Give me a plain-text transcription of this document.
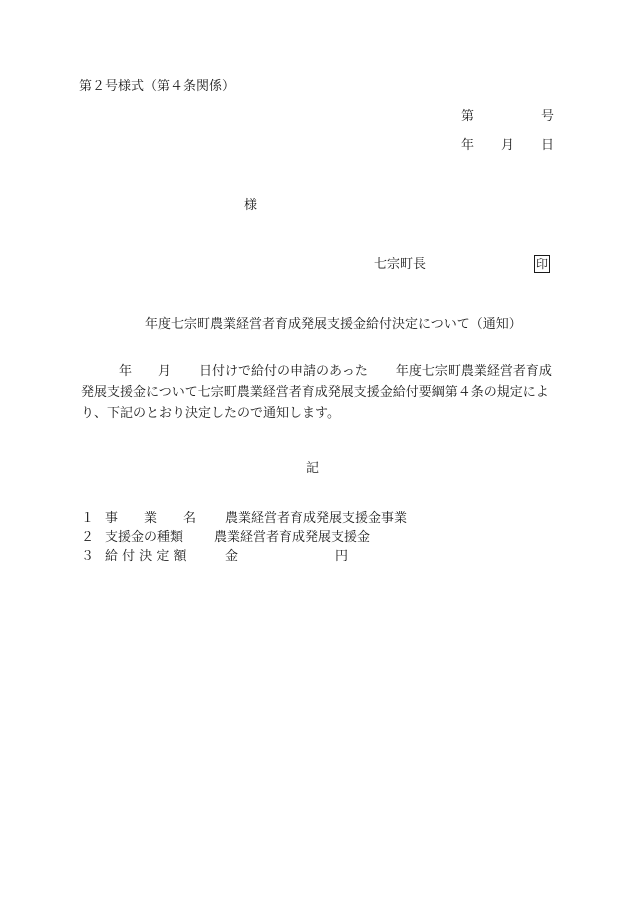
第２号様式（第４条関係）
第	号
年 月 日
様
七宗町長	印
年度七宗町農業経営者育成発展支援金給付決定について（通知）
年 月 日付けで給付の申請のあった 年度七宗町農業経営者育成
発展支援金について七宗町農業経営者育成発展支援金給付要綱第４条の規定によ
り、下記のとおり決定したので通知します。
記
１ 事　　業　　名 農業経営者育成発展支援金事業
２ 支援金の種類 農業経営者育成発展支援金
３ 給 付 決 定 額	金	円
